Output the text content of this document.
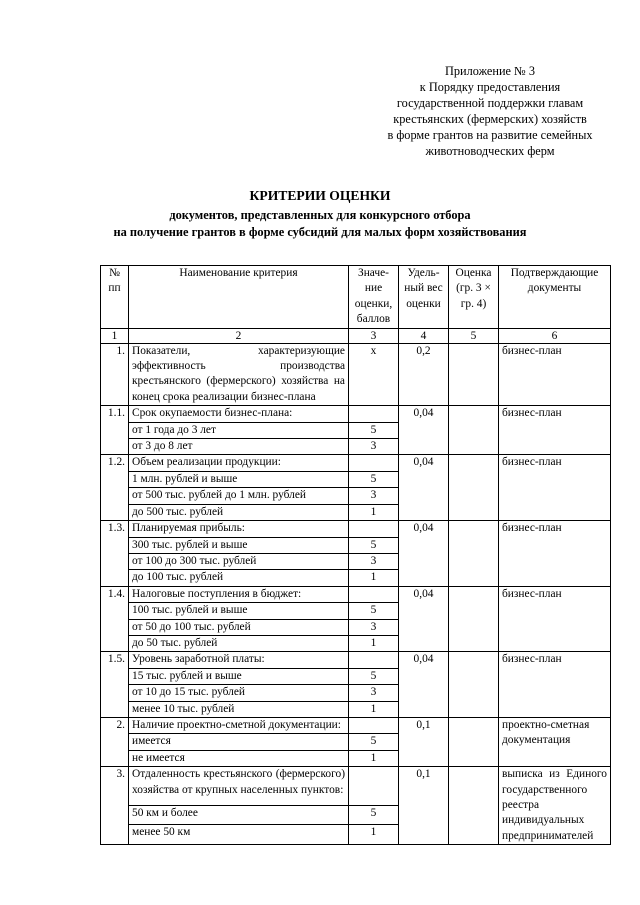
Приложение № 3
к Порядку предоставления
государственной поддержки главам
крестьянских (фермерских) хозяйств
в форме грантов на развитие семейных
животноводческих ферм
КРИТЕРИИ ОЦЕНКИ
документов, представленных для конкурсного отбора
на получение грантов в форме субсидий для малых форм хозяйствования
№ пп	Наименование критерия	Значе-ние оценки, баллов	Удель-ный вес оценки	Оценка (гр. 3 × гр. 4)	Подтверждающие документы
1	2	3	4	5	6
1.	Показатели, характеризующие эффективность производства крестьянского (фермерского) хозяйства на конец срока реализации бизнес-плана	х	0,2		бизнес-план
1.1.	Срок окупаемости бизнес-плана:		0,04		бизнес-план
	от 1 года до 3 лет	5			
	от 3 до 8 лет	3			
1.2.	Объем реализации продукции:		0,04		бизнес-план
	1 млн. рублей и выше	5			
	от 500 тыс. рублей до 1 млн. рублей	3			
	до 500 тыс. рублей	1			
1.3.	Планируемая прибыль:		0,04		бизнес-план
	300 тыс. рублей и выше	5			
	от 100 до 300 тыс. рублей	3			
	до 100 тыс. рублей	1			
1.4.	Налоговые поступления в бюджет:		0,04		бизнес-план
	100 тыс. рублей и выше	5			
	от 50 до 100 тыс. рублей	3			
	до 50 тыс. рублей	1			
1.5.	Уровень заработной платы:		0,04		бизнес-план
	15 тыс. рублей и выше	5			
	от 10 до 15 тыс. рублей	3			
	менее 10 тыс. рублей	1			
2.	Наличие проектно-сметной документации:		0,1		проектно-сметная документация
	имеется	5			
	не имеется	1			
3.	Отдаленность крестьянского (фермерского) хозяйства от крупных населенных пунктов:		0,1		выписка из Единого государственного реестра индивидуальных предпринимателей
	50 км и более	5			
	менее 50 км	1			
